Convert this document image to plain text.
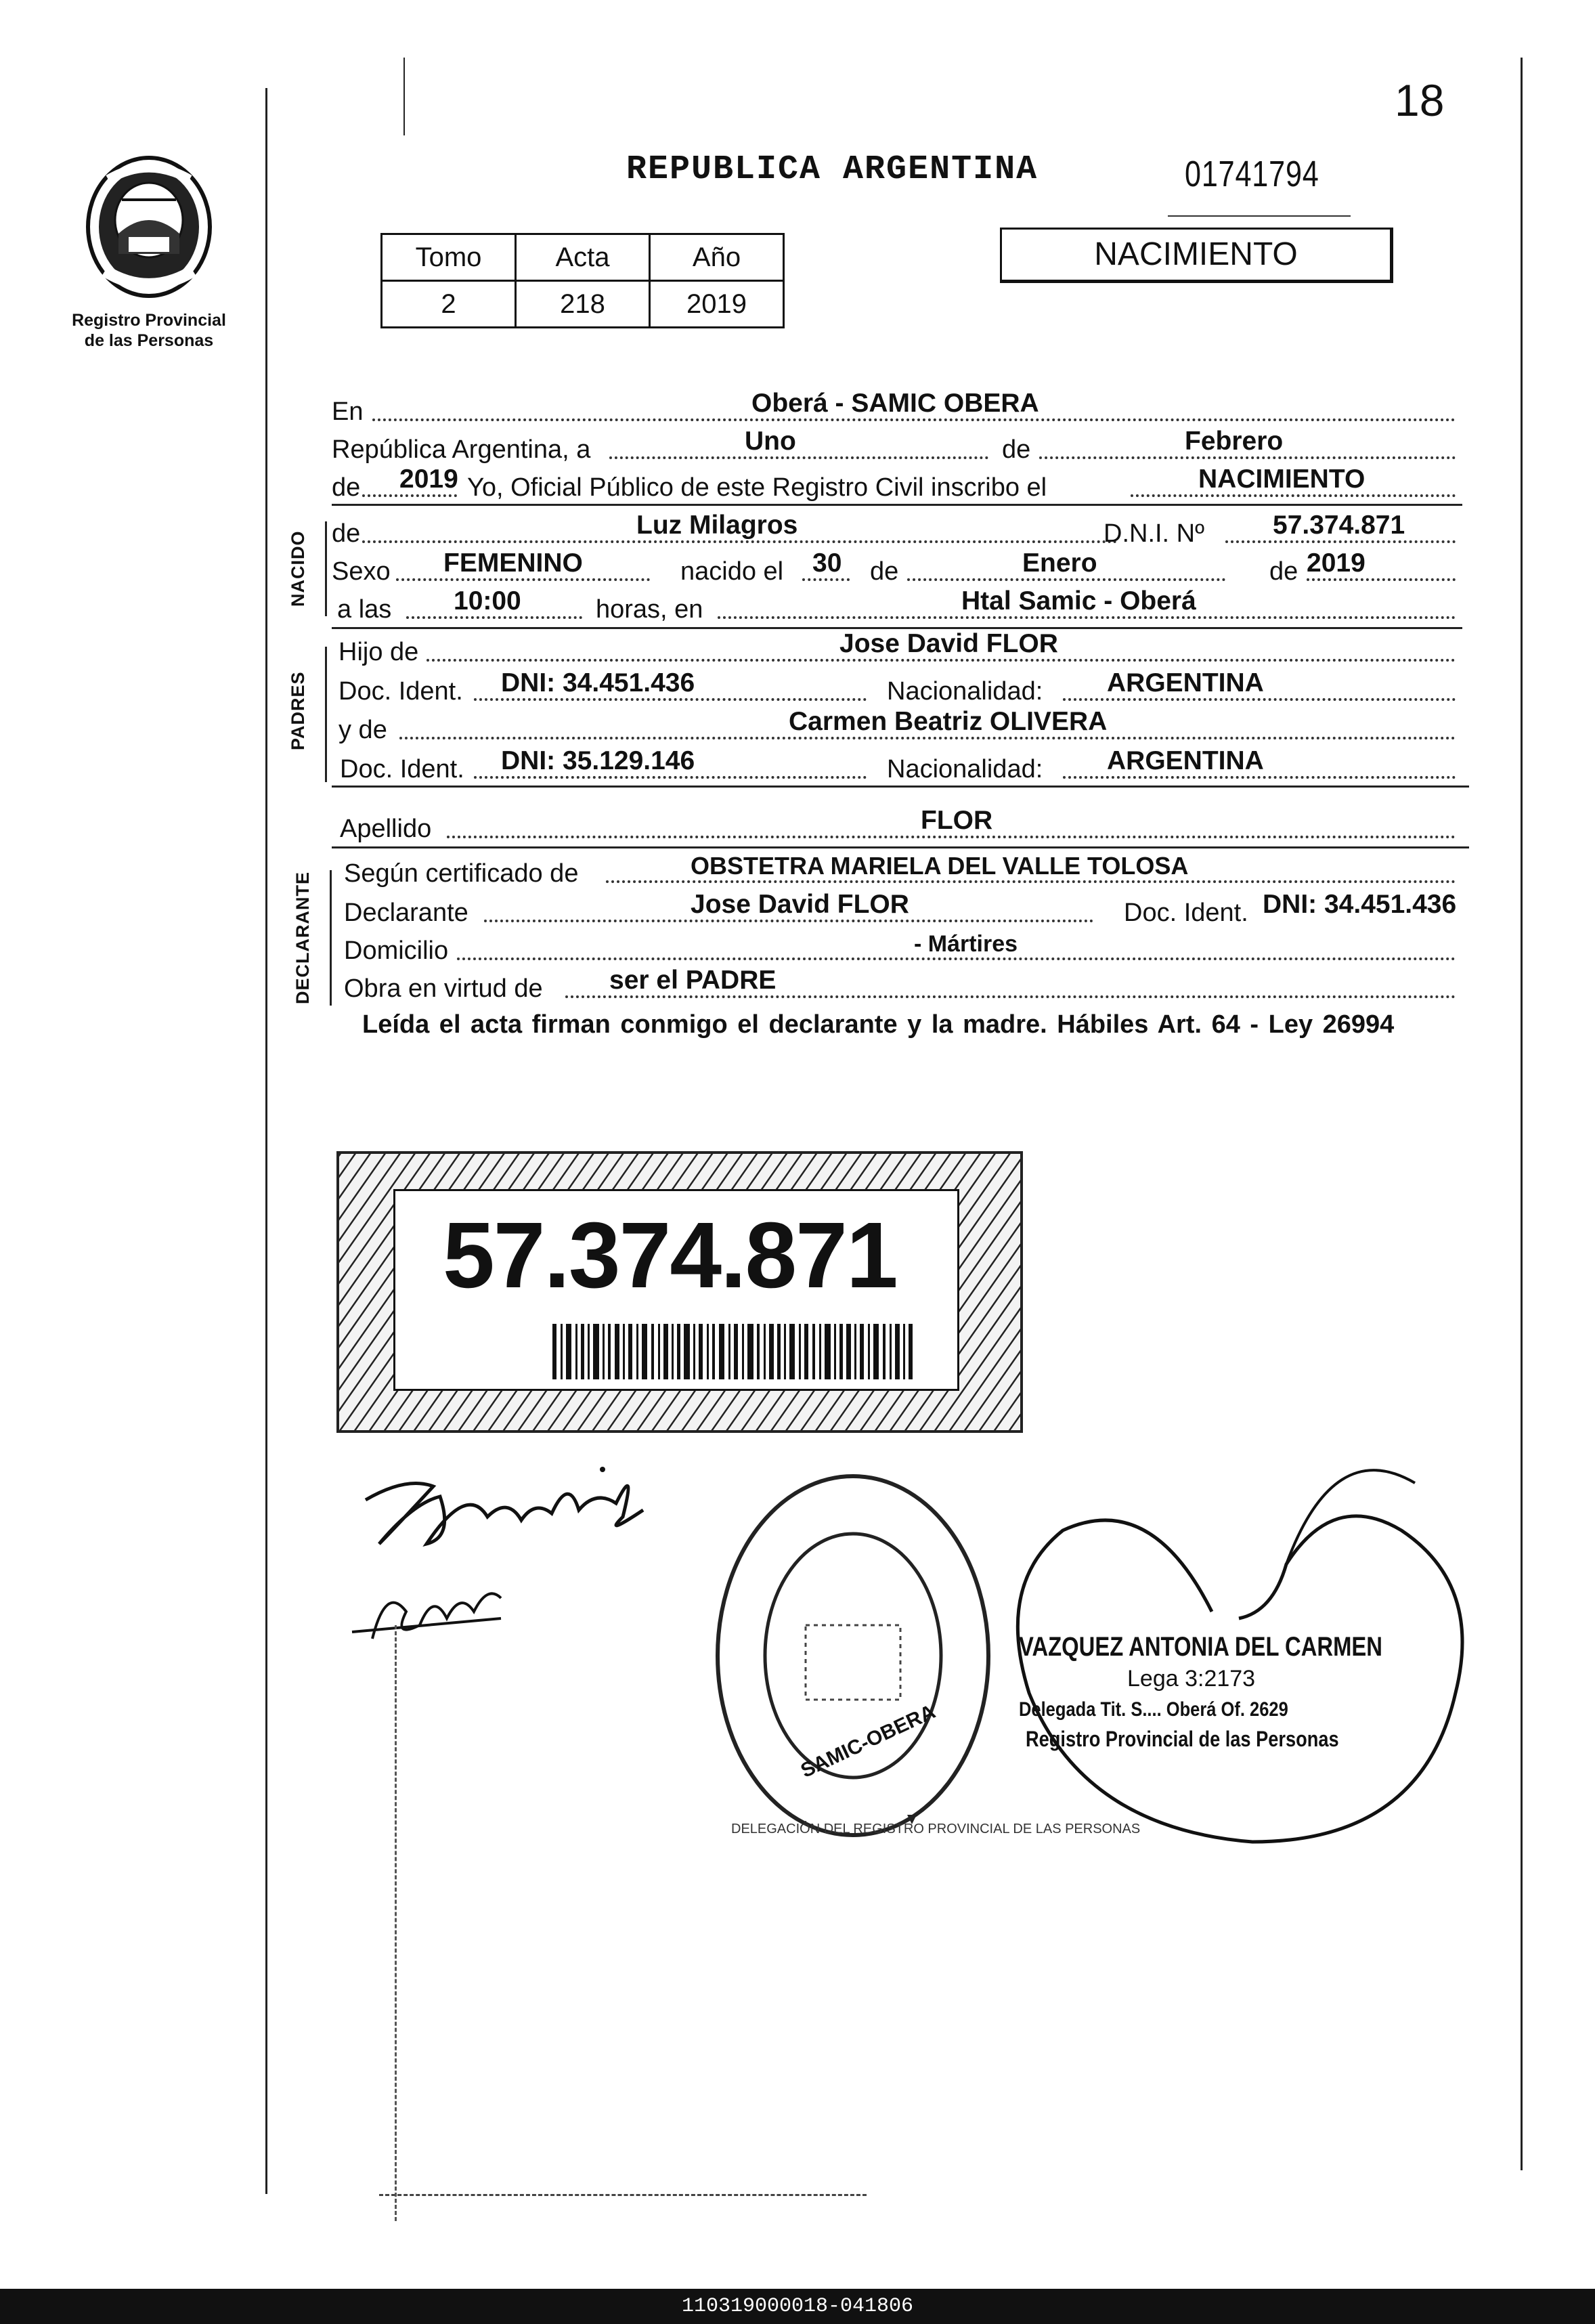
18
Registro Provincial
de las Personas
REPUBLICA ARGENTINA	01741794
Tomo	Acta	Año
2	218	2019
NACIMIENTO
En	Oberá - SAMIC OBERA
República Argentina, a	Uno	de	Febrero
de 2019 Yo, Oficial Público de este Registro Civil inscribo el	NACIMIENTO
NACIDO de	Luz Milagros	D.N.I. Nº	57.374.871
Sexo FEMENINO	nacido el 30 de	Enero	de 2019
a las 10:00	horas, en	Htal Samic - Oberá
PADRES
Hijo de	Jose David FLOR
Doc. Ident. DNI: 34.451.436	Nacionalidad: ARGENTINA
y de	Carmen Beatriz OLIVERA
Doc. Ident. DNI: 35.129.146	Nacionalidad: ARGENTINA
Apellido	FLOR
DECLARANTE Según certificado de	OBSTETRA MARIELA DEL VALLE TOLOSA
Declarante	Jose David FLOR	Doc. Ident. DNI: 34.451.436
Domicilio	- Mártires
Obra en virtud de	ser el PADRE
Leída el acta firman conmigo el declarante y la madre. Hábiles Art. 64 - Ley 26994
57.374.871
DELEGACIÓN DEL REGISTRO PROVINCIAL DE LAS PERSONAS
SAMIC-OBERA
VAZQUEZ ANTONIA DEL CARMEN
Lega 3:2173
Delegada Tit. S.... Oberá Of. 2629
Registro Provincial de las Personas
110319000018-041806
